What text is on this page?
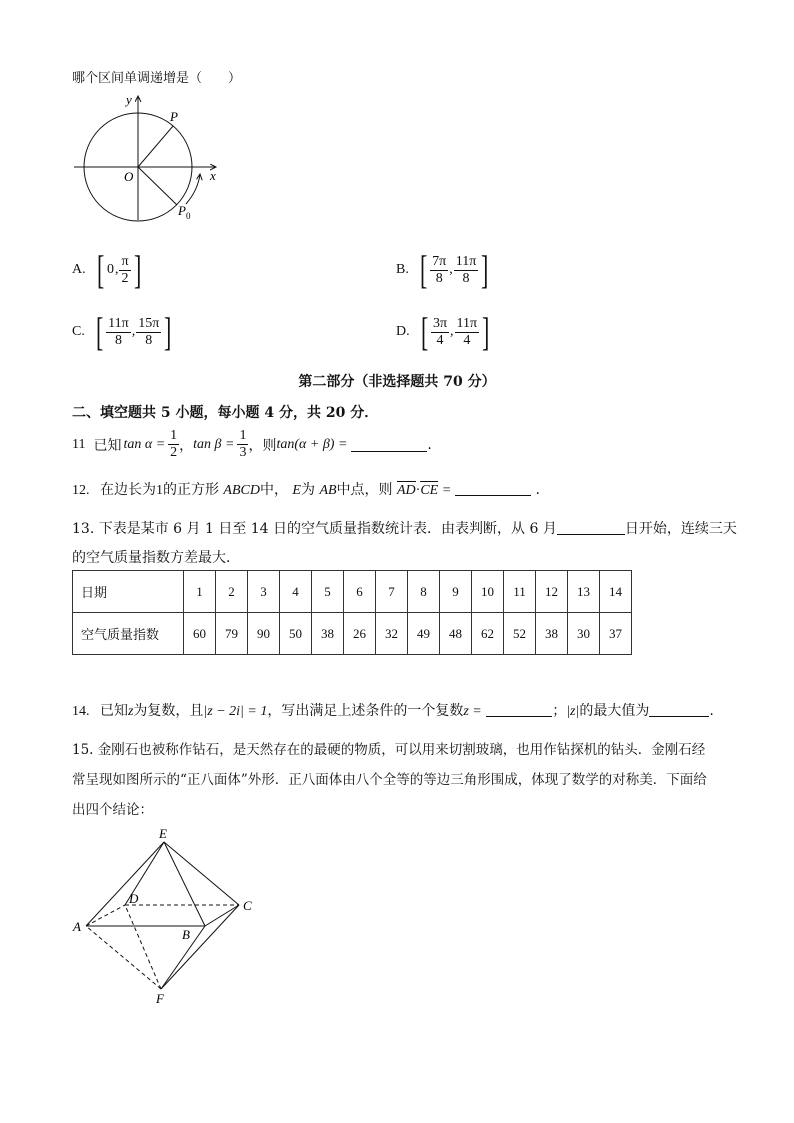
哪个区间单调递增是（　　）
y
x
O
P
$P_0$
A. [ 0 , $\frac{\pi}{2}$ ]	B. [ $\frac{7\pi}{8}$ , $\frac{11\pi}{8}$ ]
C. [ $\frac{11\pi}{8}$ , $\frac{15\pi}{8}$ ]	D. [ $\frac{3\pi}{4}$ , $\frac{11\pi}{4}$ ]
第二部分（非选择题共 70 分）
二、填空题共 5 小题，每小题 4 分，共 20 分．
11 已知 $\tan \alpha = \frac{1}{2}$ ， $\tan \beta = \frac{1}{3}$ ，则 tan(α + β) =	.
12. 在边长为1的正方形 ABCD中， E为 AB中点，则 AD·CE =	.
13. 下表是某市 6 月 1 日至 14 日的空气质量指数统计表．由表判断，从 6 月	日开始，连续三天
的空气质量指数方差最大．
日期	1	2	3	4	5	6	7	8	9	10	11	12	13	14
空气质量指数	60	79	90	50	38	26	32	49	48	62	52	38	30	37
14. 已知z为复数，且|z − 2i| = 1，写出满足上述条件的一个复数z =	；|z|的最大值为	.
15. 金刚石也被称作钻石，是天然存在的最硬的物质，可以用来切割玻璃，也用作钻探机的钻头．金刚石经
常呈现如图所示的“正八面体”外形．正八面体由八个全等的等边三角形围成，体现了数学的对称美．下面给
出四个结论：
E
D	C
A
B
F
